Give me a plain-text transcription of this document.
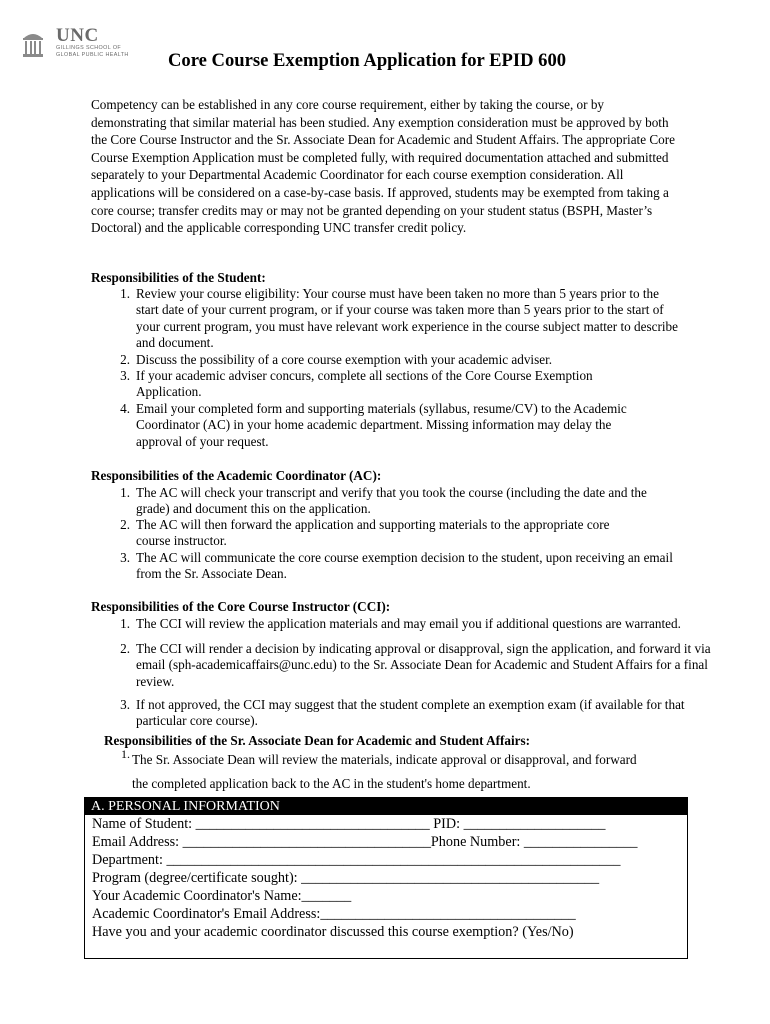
UNC
GILLINGS SCHOOL OF
GLOBAL PUBLIC HEALTH Core Course Exemption Application for EPID 600

Competency can be established in any core course requirement, either by taking the course, or by demonstrating that similar material has been studied. Any exemption consideration must be approved by both the Core Course Instructor and the Sr. Associate Dean for Academic and Student Affairs. The appropriate Core Course Exemption Application must be completed fully, with required documentation attached and submitted separately to your Departmental Academic Coordinator for each course exemption consideration. All applications will be considered on a case-by-case basis. If approved, students may be exempted from taking a core course; transfer credits may or may not be granted depending on your student status (BSPH, Master’s Doctoral) and the applicable corresponding UNC transfer credit policy.

Responsibilities of the Student:
1. Review your course eligibility: Your course must have been taken no more than 5 years prior to the start date of your current program, or if your course was taken more than 5 years prior to the start of your current program, you must have relevant work experience in the course subject matter to describe and document.
2. Discuss the possibility of a core course exemption with your academic adviser.
3. If your academic adviser concurs, complete all sections of the Core Course Exemption Application.
4. Email your completed form and supporting materials (syllabus, resume/CV) to the Academic Coordinator (AC) in your home academic department. Missing information may delay the approval of your request.
Responsibilities of the Academic Coordinator (AC):
1. The AC will check your transcript and verify that you took the course (including the date and the grade) and document this on the application.
2. The AC will then forward the application and supporting materials to the appropriate core course instructor.
3. The AC will communicate the core course exemption decision to the student, upon receiving an email from the Sr. Associate Dean.
Responsibilities of the Core Course Instructor (CCI):
1. The CCI will review the application materials and may email you if additional questions are warranted.
2. The CCI will render a decision by indicating approval or disapproval, sign the application, and forward it via email (sph-academicaffairs@unc.edu) to the Sr. Associate Dean for Academic and Student Affairs for a final review.
3. If not approved, the CCI may suggest that the student complete an exemption exam (if available for that particular core course).
Responsibilities of the Sr. Associate Dean for Academic and Student Affairs:
1. The Sr. Associate Dean will review the materials, indicate approval or disapproval, and forward
the completed application back to the AC in the student's home department.
A. PERSONAL INFORMATION
Name of Student: _________________________________ PID: ____________________
Email Address: ___________________________________Phone Number: ________________
Department: ________________________________________________________________
Program (degree/certificate sought): __________________________________________
Your Academic Coordinator's Name:_______
Academic Coordinator's Email Address:____________________________________
Have you and your academic coordinator discussed this course exemption? (Yes/No)
